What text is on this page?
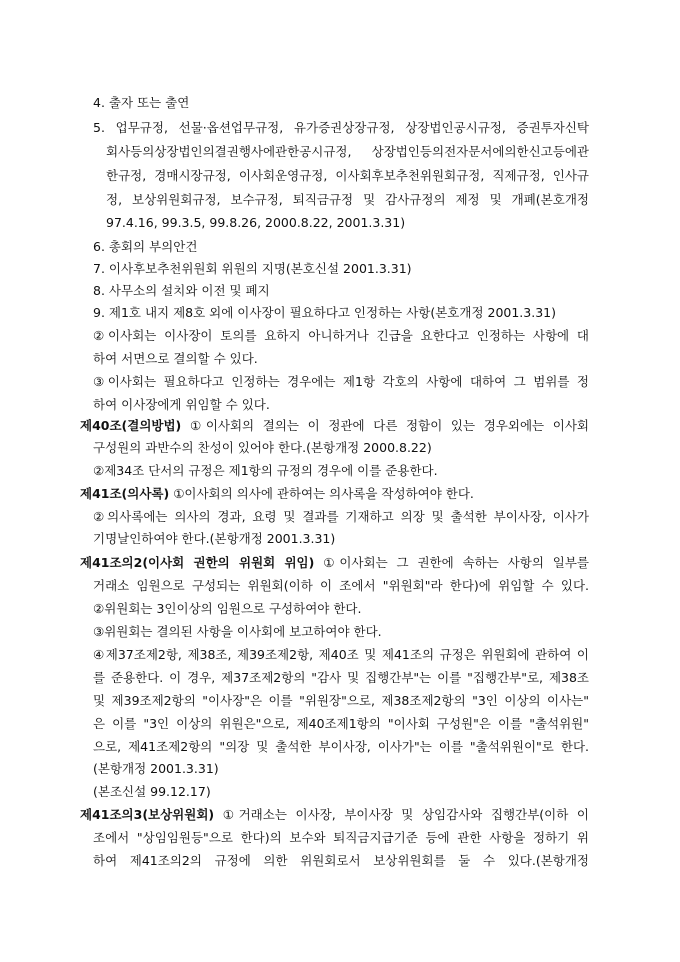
4. 출자 또는 출연
5. 업무규정, 선물·옵션업무규정, 유가증권상장규정, 상장법인공시규정, 증권투자신탁
회사등의상장법인의결권행사에관한공시규정, 상장법인등의전자문서에의한신고등에관
한규정, 경매시장규정, 이사회운영규정, 이사회후보추천위원회규정, 직제규정, 인사규
정, 보상위원회규정, 보수규정, 퇴직금규정 및 감사규정의 제정 및 개폐(본호개정
97.4.16, 99.3.5, 99.8.26, 2000.8.22, 2001.3.31)
6. 총회의 부의안건
7. 이사후보추천위원회 위원의 지명(본호신설 2001.3.31)
8. 사무소의 설치와 이전 및 폐지
9. 제1호 내지 제8호 외에 이사장이 필요하다고 인정하는 사항(본호개정 2001.3.31)
②이사회는 이사장이 토의를 요하지 아니하거나 긴급을 요한다고 인정하는 사항에 대
하여 서면으로 결의할 수 있다.
③이사회는 필요하다고 인정하는 경우에는 제1항 각호의 사항에 대하여 그 범위를 정
하여 이사장에게 위임할 수 있다.
제40조(결의방법) ①이사회의 결의는 이 정관에 다른 정함이 있는 경우외에는 이사회
구성원의 과반수의 찬성이 있어야 한다.(본항개정 2000.8.22)
②제34조 단서의 규정은 제1항의 규정의 경우에 이를 준용한다.
제41조(의사록) ①이사회의 의사에 관하여는 의사록을 작성하여야 한다.
②의사록에는 의사의 경과, 요령 및 결과를 기재하고 의장 및 출석한 부이사장, 이사가
기명날인하여야 한다.(본항개정 2001.3.31)
제41조의2(이사회 권한의 위원회 위임) ①이사회는 그 권한에 속하는 사항의 일부를
거래소 임원으로 구성되는 위원회(이하 이 조에서 "위원회"라 한다)에 위임할 수 있다.
②위원회는 3인이상의 임원으로 구성하여야 한다.
③위원회는 결의된 사항을 이사회에 보고하여야 한다.
④제37조제2항, 제38조, 제39조제2항, 제40조 및 제41조의 규정은 위원회에 관하여 이
를 준용한다. 이 경우, 제37조제2항의 "감사 및 집행간부"는 이를 "집행간부"로, 제38조
및 제39조제2항의 "이사장"은 이를 "위원장"으로, 제38조제2항의 "3인 이상의 이사는"
은 이를 "3인 이상의 위원은"으로, 제40조제1항의 "이사회 구성원"은 이를 "출석위원"
으로, 제41조제2항의 "의장 및 출석한 부이사장, 이사가"는 이를 "출석위원이"로 한다.
(본항개정 2001.3.31)
(본조신설 99.12.17)
제41조의3(보상위원회) ①거래소는 이사장, 부이사장 및 상임감사와 집행간부(이하 이
조에서 "상임임원등"으로 한다)의 보수와 퇴직금지급기준 등에 관한 사항을 정하기 위
하여 제41조의2의 규정에 의한 위원회로서 보상위원회를 둘 수 있다.(본항개정
